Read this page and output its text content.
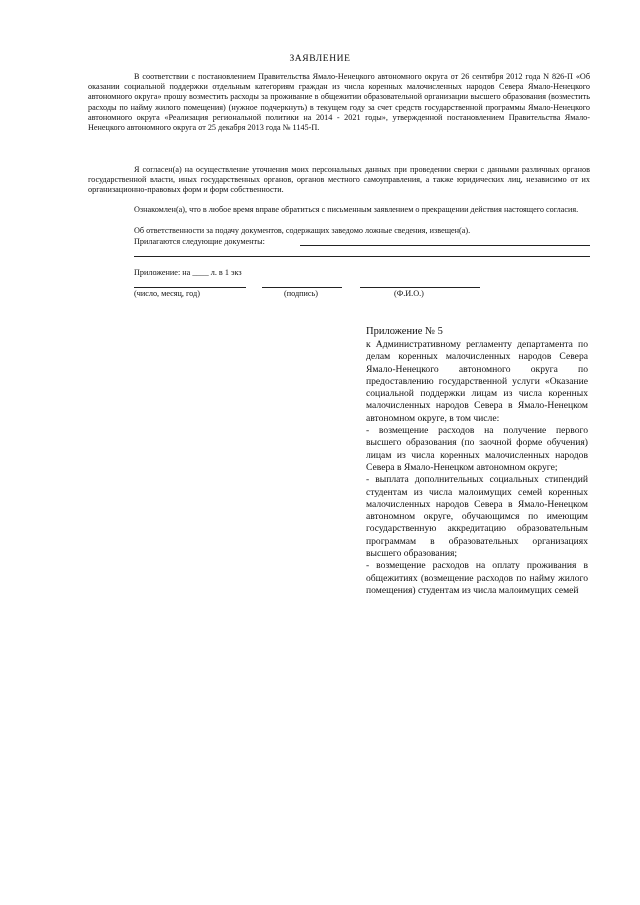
ЗАЯВЛЕНИЕ

В соответствии с постановлением Правительства Ямало-Ненецкого автономного округа от 26 сентября 2012 года N 826-П «Об оказании социальной поддержки отдельным категориям граждан из числа коренных малочисленных народов Севера Ямало-Ненецкого автономного округа» прошу возместить расходы за проживание в общежитии образовательной организации высшего образования (возместить расходы по найму жилого помещения) (нужное подчеркнуть) в текущем году за счет средств государственной программы Ямало-Ненецкого автономного округа «Реализация региональной политики на 2014 - 2021 годы», утвержденной постановлением Правительства Ямало-Ненецкого автономного округа от 25 декабря 2013 года № 1145-П.

Я согласен(а) на осуществление уточнения моих персональных данных при проведении сверки с данными различных органов государственной власти, иных государственных органов, органов местного самоуправления, а также юридических лиц, независимо от их организационно-правовых форм и форм собственности.

Ознакомлен(а), что в любое время вправе обратиться с письменным заявлением о прекращении действия настоящего согласия.

Об ответственности за подачу документов, содержащих заведомо ложные сведения, извещен(а).
Прилагаются следующие документы:
Приложение: на ____ л. в 1 экз
(число, месяц, год)	(подпись)	(Ф.И.О.)
Приложение № 5

к Административному регламенту департамента по делам коренных малочисленных народов Севера Ямало-Ненецкого автономного округа по предоставлению государственной услуги «Оказание социальной поддержки лицам из числа коренных малочисленных народов Севера в Ямало-Ненецком автономном округе, в том числе:

- возмещение расходов на получение первого высшего образования (по заочной форме обучения) лицам из числа коренных малочисленных народов Севера в Ямало-Ненецком автономном округе;

- выплата дополнительных социальных стипендий студентам из числа малоимущих семей коренных малочисленных народов Севера в Ямало-Ненецком автономном округе, обучающимся по имеющим государственную аккредитацию образовательным программам в образовательных организациях высшего образования;

- возмещение расходов на оплату проживания в общежитиях (возмещение расходов по найму жилого помещения) студентам из числа малоимущих семей
